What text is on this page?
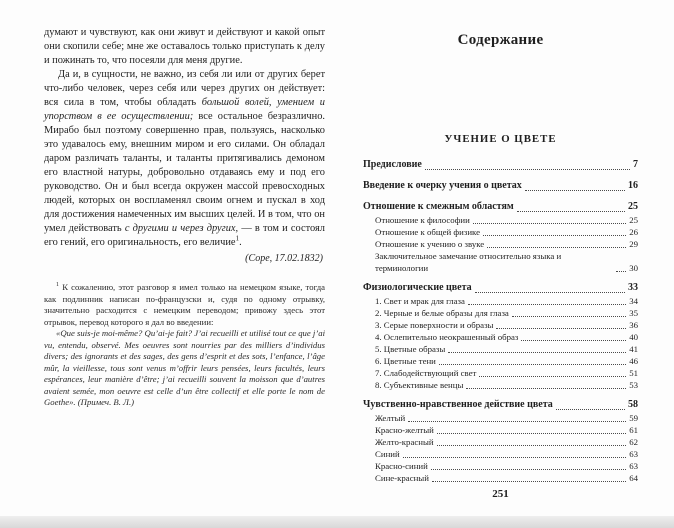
думают и чувствуют, как они живут и действуют и какой опыт они скопили себе; мне же оставалось только приступать к делу и пожинать то, что посеяли для меня другие.

Да и, в сущности, не важно, из себя ли или от других берет что-либо человек, через себя или через других он действует: вся сила в том, чтобы обладать большой волей, умением и упорством в ее осуществлении; все остальное безразлично. Мирабо был поэтому совершенно прав, пользуясь, насколько это удавалось ему, внешним миром и его силами. Он обладал даром различать таланты, и таланты притягивались демоном его властной натуры, добровольно отдаваясь ему и под его руководство. Он и был всегда окружен массой превосходных людей, которых он воспламенял своим огнем и пускал в ход для достижения намеченных им высших целей. И в том, что он умел действовать с другими и через других, — в том и состоял его гений, его оригинальность, его величие$^1$.

(Соре, 17.02.1832)

$^1$ К сожалению, этот разговор я имел только на немецком языке, тогда как подлинник написан по-французски и, судя по одному отрывку, значительно расходится с немецким переводом; привожу здесь этот отрывок, перевод которого я дал во введении:

«Que suis-je moi-même? Qu’ai-je fait? J’ai recueilli et utilisé tout ce que j’ai vu, entendu, observé. Mes oeuvres sont nourries par des milliers d’individus divers; des ignorants et des sages, des gens d’esprit et des sots, l’enfance, l’âge mûr, la vieillesse, tous sont venus m’offrir leurs pensées, leurs facultés, leurs espérances, leur manière d’être; j’ai recueilli souvent la moisson que d’autres avaient semée, mon oeuvre est celle d’un être collectif et elle porte le nom de Goethe». (Примеч. В. Л.)

Содержание
УЧЕНИЕ О ЦВЕТЕ
Предисловие	7
Введение к очерку учения о цветах	16
Отношение к смежным областям	25
Отношение к философии	25
Отношение к общей физике	26
Отношение к учению о звуке	29
Заключительное замечание относительно языка и терминологии	30
Физиологические цвета	33
1. Свет и мрак для глаза	34
2. Черные и белые образы для глаза	35
3. Серые поверхности и образы	36
4. Ослепительно неокрашенный образ	40
5. Цветные образы	41
6. Цветные тени	46
7. Слабодействующий свет	51
8. Субъективные венцы	53
Чувственно-нравственное действие цвета	58
Желтый	59
Красно-желтый	61
Желто-красный	62
Синий	63
Красно-синий	63
Сине-красный	64
251
